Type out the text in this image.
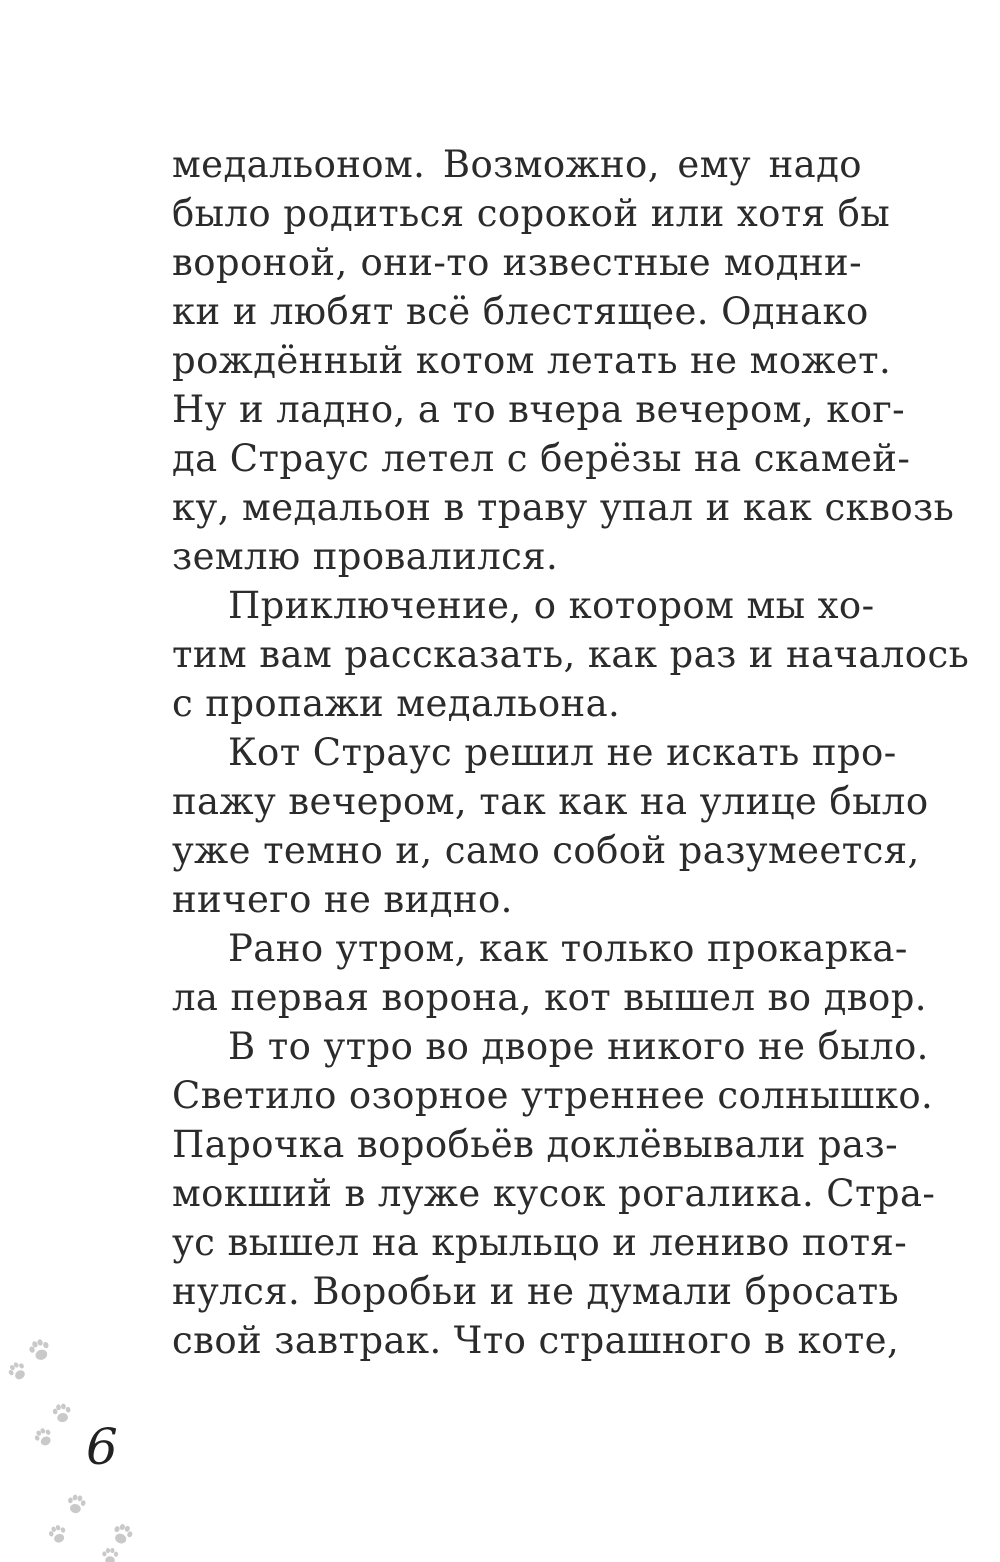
медальоном. Возможно, ему надо
было родиться сорокой или хотя бы
вороной, они-то известные модни-
ки и любят всё блестящее. Однако
рождённый котом летать не может.
Ну и ладно, а то вчера вечером, ког-
да Страус летел с берёзы на скамей-
ку, медальон в траву упал и как сквозь
землю провалился.
Приключение, о котором мы хо-
тим вам рассказать, как раз и началось
с пропажи медальона.
Кот Страус решил не искать про-
пажу вечером, так как на улице было
уже темно и, само собой разумеется,
ничего не видно.
Рано утром, как только прокарка-
ла первая ворона, кот вышел во двор.
В то утро во дворе никого не было.
Светило озорное утреннее солнышко.
Парочка воробьёв доклёвывали раз-
мокший в луже кусок рогалика. Стра-
ус вышел на крыльцо и лениво потя-
нулся. Воробьи и не думали бросать
свой завтрак. Что страшного в коте,
6
